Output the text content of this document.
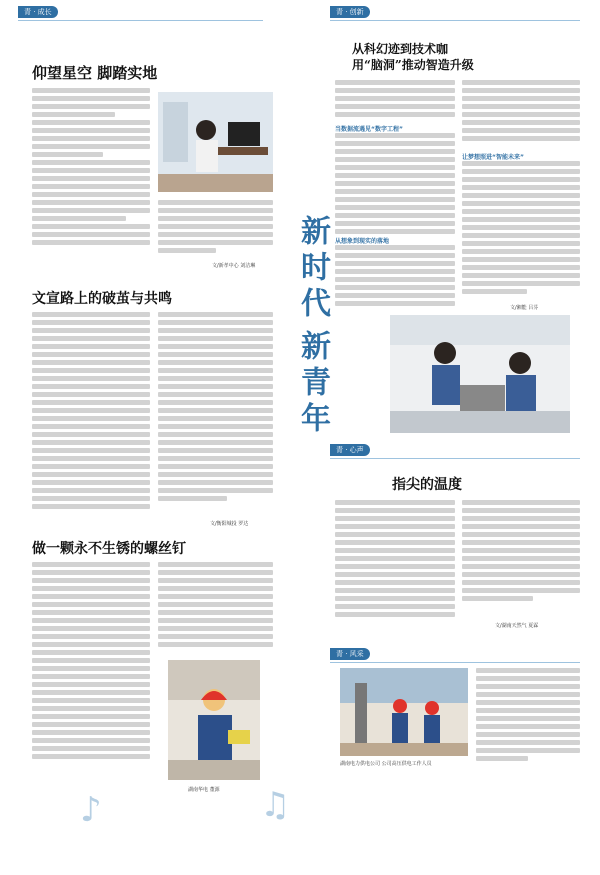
青 · 成长
仰望星空 脚踏实地
文/新孝中心 刘洁琳
文宣路上的破茧与共鸣
文/衡阳城投 罗达
做一颗永不生锈的螺丝钉
湖南华电 董源
♪	♫
新时代
新青年
青 · 创新
从科幻迹到技术咖
用“脑洞”推动智造升级
当数据流遇见“数字工程”
从想象到现实的落地
让梦想照进“智能未来”
文/湘能 吕芬
青 · 心声
指尖的温度
文/湖南天然气 夏霖
青 · 风采
湖南电力供电公司 公司高压供电工作人员
